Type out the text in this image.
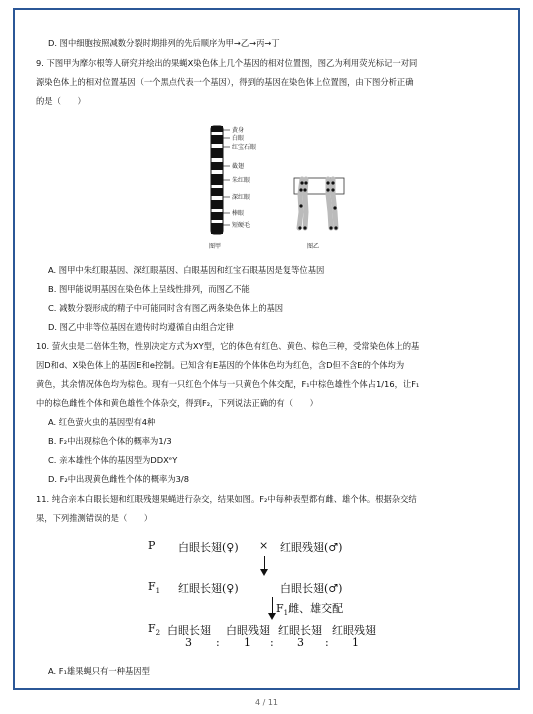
D. 图中细胞按照减数分裂时期排列的先后顺序为甲→乙→丙→丁
9. 下图甲为摩尔根等人研究并绘出的果蝇X染色体上几个基因的相对位置图，图乙为利用荧光标记一对同
源染色体上的相对位置基因（一个黑点代表一个基因），得到的基因在染色体上位置图，由下图分析正确
的是（　　）
黄身
白眼
红宝石眼
截翅
朱红眼
深红眼
棒眼
短硬毛
图甲	图乙
A. 图甲中朱红眼基因、深红眼基因、白眼基因和红宝石眼基因是复等位基因
B. 图甲能说明基因在染色体上呈线性排列，而图乙不能
C. 减数分裂形成的精子中可能同时含有图乙两条染色体上的基因
D. 图乙中非等位基因在遗传时均遵循自由组合定律
10. 萤火虫是二倍体生物，性别决定方式为XY型，它的体色有红色、黄色、棕色三种，受常染色体上的基
因D和d、X染色体上的基因E和e控制。已知含有E基因的个体体色均为红色，含D但不含E的个体均为
黄色，其余情况体色均为棕色。现有一只红色个体与一只黄色个体交配，F₁中棕色雄性个体占1/16，让F₁
中的棕色雌性个体和黄色雄性个体杂交，得到F₂，下列说法正确的有（　　）
A. 红色萤火虫的基因型有4种
B. F₂中出现棕色个体的概率为1/3
C. 亲本雄性个体的基因型为DDXᵉY
D. F₂中出现黄色雌性个体的概率为3/8
11. 纯合亲本白眼长翅和红眼残翅果蝇进行杂交，结果如图。F₂中每种表型都有雌、雄个体。根据杂交结
果，下列推测错误的是（　　）
P 白眼长翅(♀) × 红眼残翅(♂)
$F_1$ 红眼长翅(♀)	白眼长翅(♂)
$F_1$雌、雄交配
$F_2$ 白眼长翅 白眼残翅 红眼长翅 红眼残翅
3 : 1 : 3 : 1
A. F₁雄果蝇只有一种基因型
4 / 11
